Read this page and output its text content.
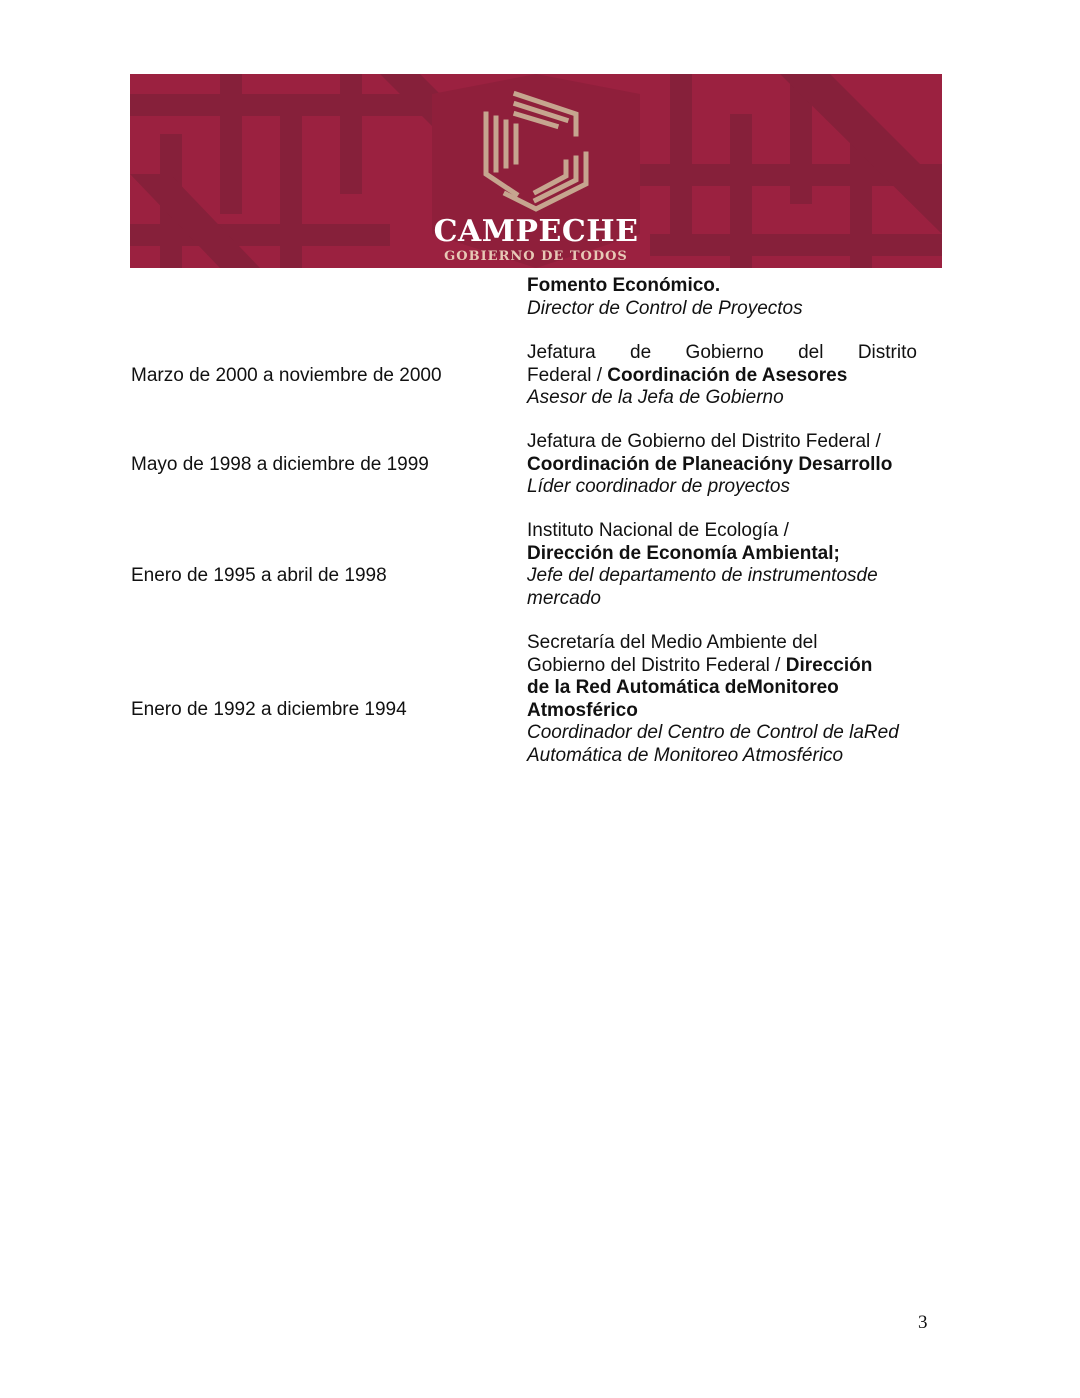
CAMPECHE
GOBIERNO DE TODOS
Fomento Económico.
Director de Control de Proyectos
Marzo de 2000 a noviembre de 2000
Jefatura de Gobierno del Distrito
Federal / Coordinación de Asesores
Asesor de la Jefa de Gobierno
Mayo de 1998 a diciembre de 1999
Jefatura de Gobierno del Distrito Federal /
Coordinación de Planeacióny Desarrollo
Líder coordinador de proyectos
Enero de 1995 a abril de 1998
Instituto Nacional de Ecología /
Dirección de Economía Ambiental;
Jefe del departamento de instrumentosde
mercado
Enero de 1992 a diciembre 1994
Secretaría del Medio Ambiente del
Gobierno del Distrito Federal / Dirección
de la Red Automática deMonitoreo
Atmosférico
Coordinador del Centro de Control de laRed
Automática de Monitoreo Atmosférico
3
